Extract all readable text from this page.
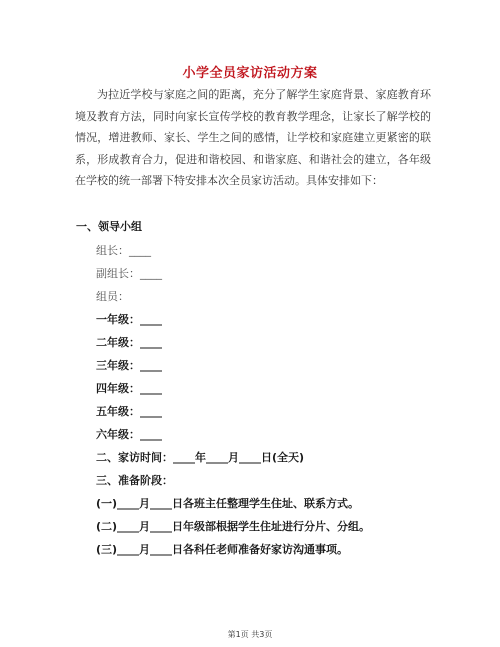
小学全员家访活动方案
为拉近学校与家庭之间的距离，充分了解学生家庭背景、家庭教育环境及教育方法，同时向家长宣传学校的教育教学理念，让家长了解学校的情况，增进教师、家长、学生之间的感情，让学校和家庭建立更紧密的联系，形成教育合力，促进和谐校园、和谐家庭、和谐社会的建立，各年级在学校的统一部署下特安排本次全员家访活动。具体安排如下：
一、领导小组
组长：____
副组长：____
组员：
一年级：____
二年级：____
三年级：____
四年级：____
五年级：____
六年级：____
二、家访时间：____年____月____日(全天)
三、准备阶段：
(一)____月____日各班主任整理学生住址、联系方式。
(二)____月____日年级部根据学生住址进行分片、分组。
(三)____月____日各科任老师准备好家访沟通事项。
第1页 共3页
